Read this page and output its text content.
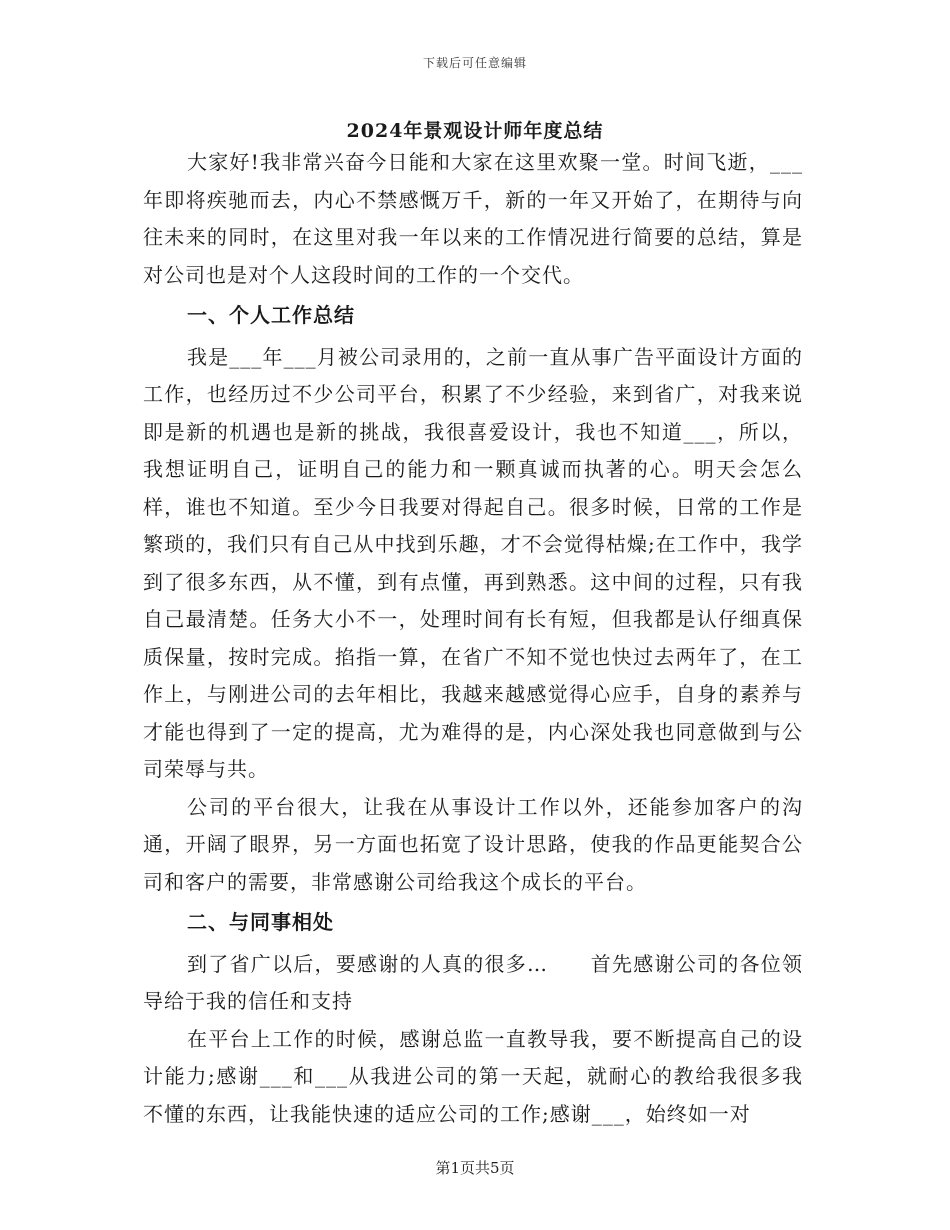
下载后可任意编辑
2024年景观设计师年度总结

大家好!我非常兴奋今日能和大家在这里欢聚一堂。时间飞逝，___年即将疾驰而去，内心不禁感慨万千，新的一年又开始了，在期待与向往未来的同时，在这里对我一年以来的工作情况进行简要的总结，算是对公司也是对个人这段时间的工作的一个交代。

一、个人工作总结

我是___年___月被公司录用的，之前一直从事广告平面设计方面的工作，也经历过不少公司平台，积累了不少经验，来到省广，对我来说即是新的机遇也是新的挑战，我很喜爱设计，我也不知道___，所以，我想证明自己，证明自己的能力和一颗真诚而执著的心。明天会怎么样，谁也不知道。至少今日我要对得起自己。很多时候，日常的工作是繁琐的，我们只有自己从中找到乐趣，才不会觉得枯燥;在工作中，我学到了很多东西，从不懂，到有点懂，再到熟悉。这中间的过程，只有我自己最清楚。任务大小不一，处理时间有长有短，但我都是认仔细真保质保量，按时完成。掐指一算，在省广不知不觉也快过去两年了，在工作上，与刚进公司的去年相比，我越来越感觉得心应手，自身的素养与才能也得到了一定的提高，尤为难得的是，内心深处我也同意做到与公司荣辱与共。

公司的平台很大，让我在从事设计工作以外，还能参加客户的沟通，开阔了眼界，另一方面也拓宽了设计思路，使我的作品更能契合公司和客户的需要，非常感谢公司给我这个成长的平台。

二、与同事相处

到了省广以后，要感谢的人真的很多…　　首先感谢公司的各位领导给于我的信任和支持

在平台上工作的时候，感谢总监一直教导我，要不断提高自己的设计能力;感谢___和___从我进公司的第一天起，就耐心的教给我很多我不懂的东西，让我能快速的适应公司的工作;感谢___，始终如一对

第1页共5页
